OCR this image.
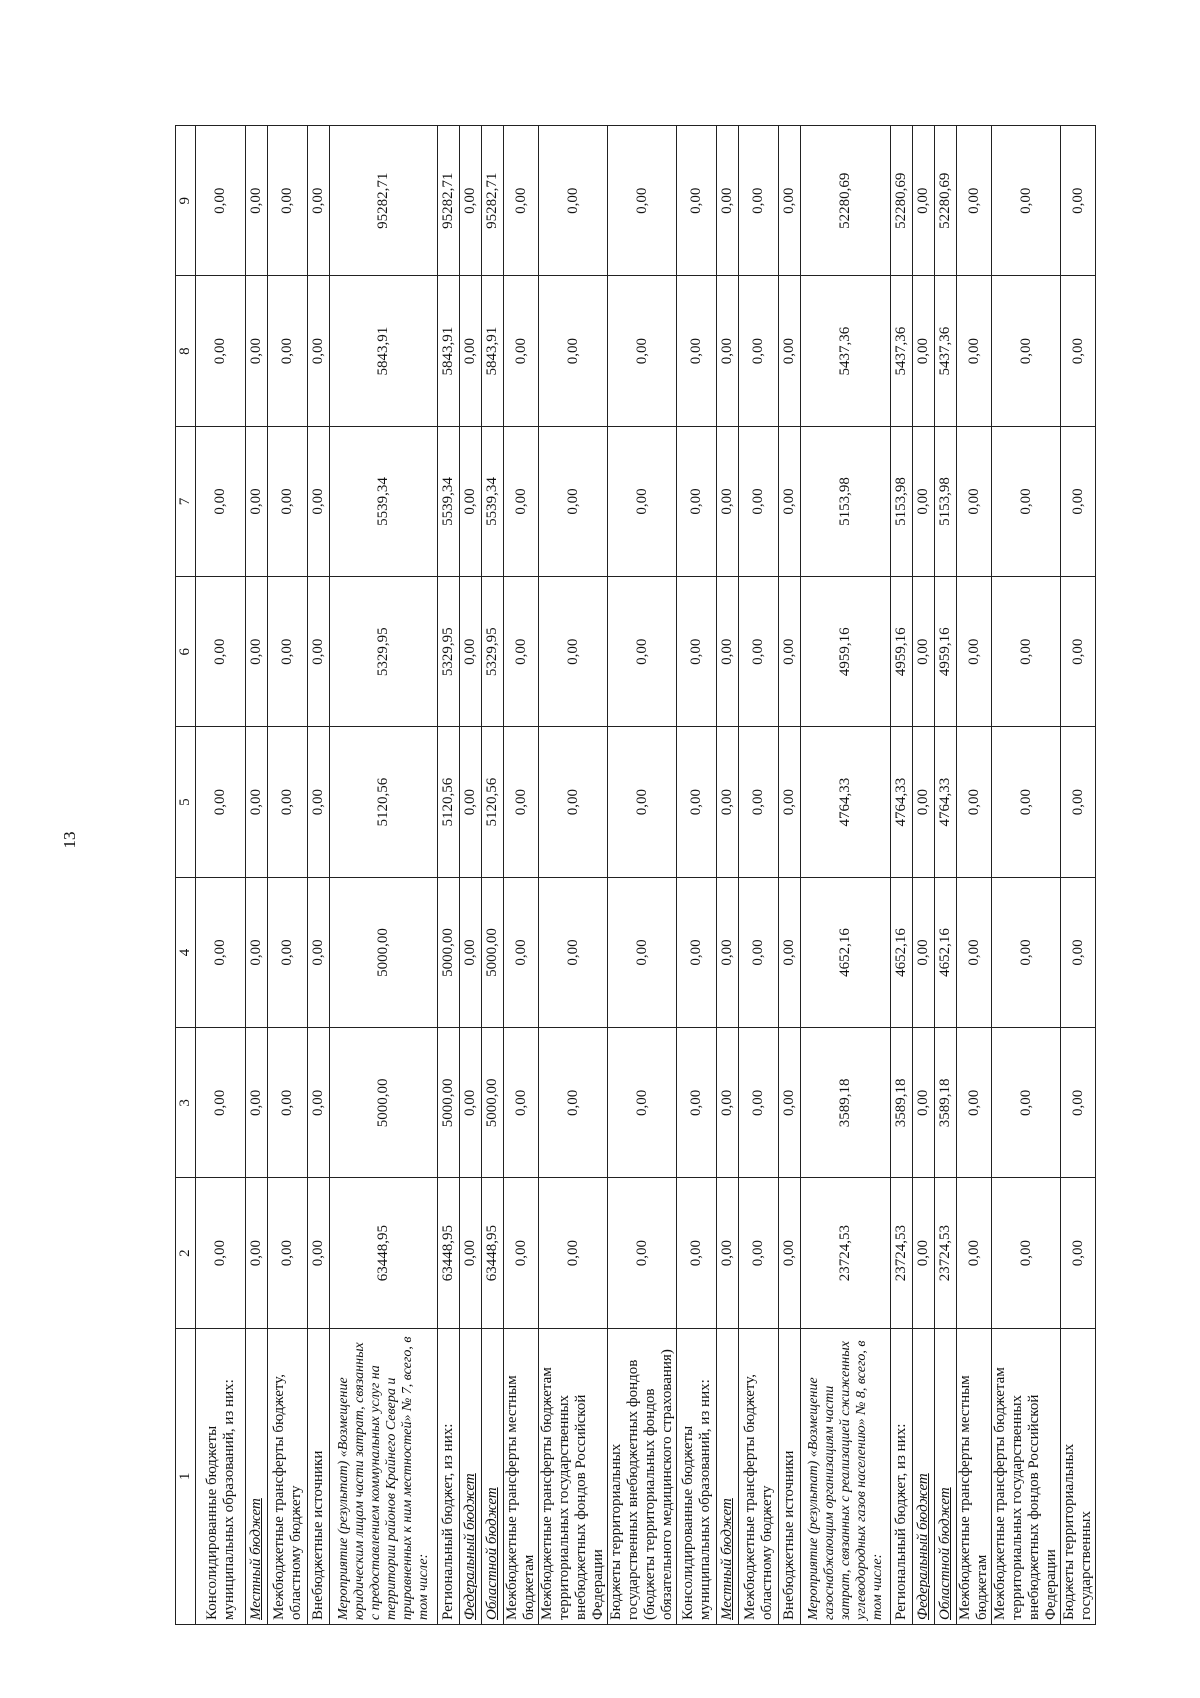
13
1	2	3	4	5	6	7	8	9
Консолидированные бюджеты муниципальных образований, из них:	0,00	0,00	0,00	0,00	0,00	0,00	0,00	0,00
Местный бюджет	0,00	0,00	0,00	0,00	0,00	0,00	0,00	0,00
Межбюджетные трансферты бюджету, областному бюджету	0,00	0,00	0,00	0,00	0,00	0,00	0,00	0,00
Внебюджетные источники	0,00	0,00	0,00	0,00	0,00	0,00	0,00	0,00
Мероприятие (результат) «Возмещение юридическим лицам части затрат, связанных с предоставлением коммунальных услуг на территории районов Крайнего Севера и приравненных к ним местностей» № 7, всего, в том числе:	63448,95	5000,00	5000,00	5120,56	5329,95	5539,34	5843,91	95282,71
Региональный бюджет, из них:	63448,95	5000,00	5000,00	5120,56	5329,95	5539,34	5843,91	95282,71
Федеральный бюджет	0,00	0,00	0,00	0,00	0,00	0,00	0,00	0,00
Областной бюджет	63448,95	5000,00	5000,00	5120,56	5329,95	5539,34	5843,91	95282,71
Межбюджетные трансферты местным бюджетам	0,00	0,00	0,00	0,00	0,00	0,00	0,00	0,00
Межбюджетные трансферты бюджетам территориальных государственных внебюджетных фондов Российской Федерации	0,00	0,00	0,00	0,00	0,00	0,00	0,00	0,00
Бюджеты территориальных государственных внебюджетных фондов (бюджеты территориальных фондов обязательного медицинского страхования)	0,00	0,00	0,00	0,00	0,00	0,00	0,00	0,00
Консолидированные бюджеты муниципальных образований, из них:	0,00	0,00	0,00	0,00	0,00	0,00	0,00	0,00
Местный бюджет	0,00	0,00	0,00	0,00	0,00	0,00	0,00	0,00
Межбюджетные трансферты бюджету, областному бюджету	0,00	0,00	0,00	0,00	0,00	0,00	0,00	0,00
Внебюджетные источники	0,00	0,00	0,00	0,00	0,00	0,00	0,00	0,00
Мероприятие (результат) «Возмещение газоснабжающим организациям части затрат, связанных с реализацией сжиженных углеводородных газов населению» № 8, всего, в том числе:	23724,53	3589,18	4652,16	4764,33	4959,16	5153,98	5437,36	52280,69
Региональный бюджет, из них:	23724,53	3589,18	4652,16	4764,33	4959,16	5153,98	5437,36	52280,69
Федеральный бюджет	0,00	0,00	0,00	0,00	0,00	0,00	0,00	0,00
Областной бюджет	23724,53	3589,18	4652,16	4764,33	4959,16	5153,98	5437,36	52280,69
Межбюджетные трансферты местным бюджетам	0,00	0,00	0,00	0,00	0,00	0,00	0,00	0,00
Межбюджетные трансферты бюджетам территориальных государственных внебюджетных фондов Российской Федерации	0,00	0,00	0,00	0,00	0,00	0,00	0,00	0,00
Бюджеты территориальных государственных	0,00	0,00	0,00	0,00	0,00	0,00	0,00	0,00
